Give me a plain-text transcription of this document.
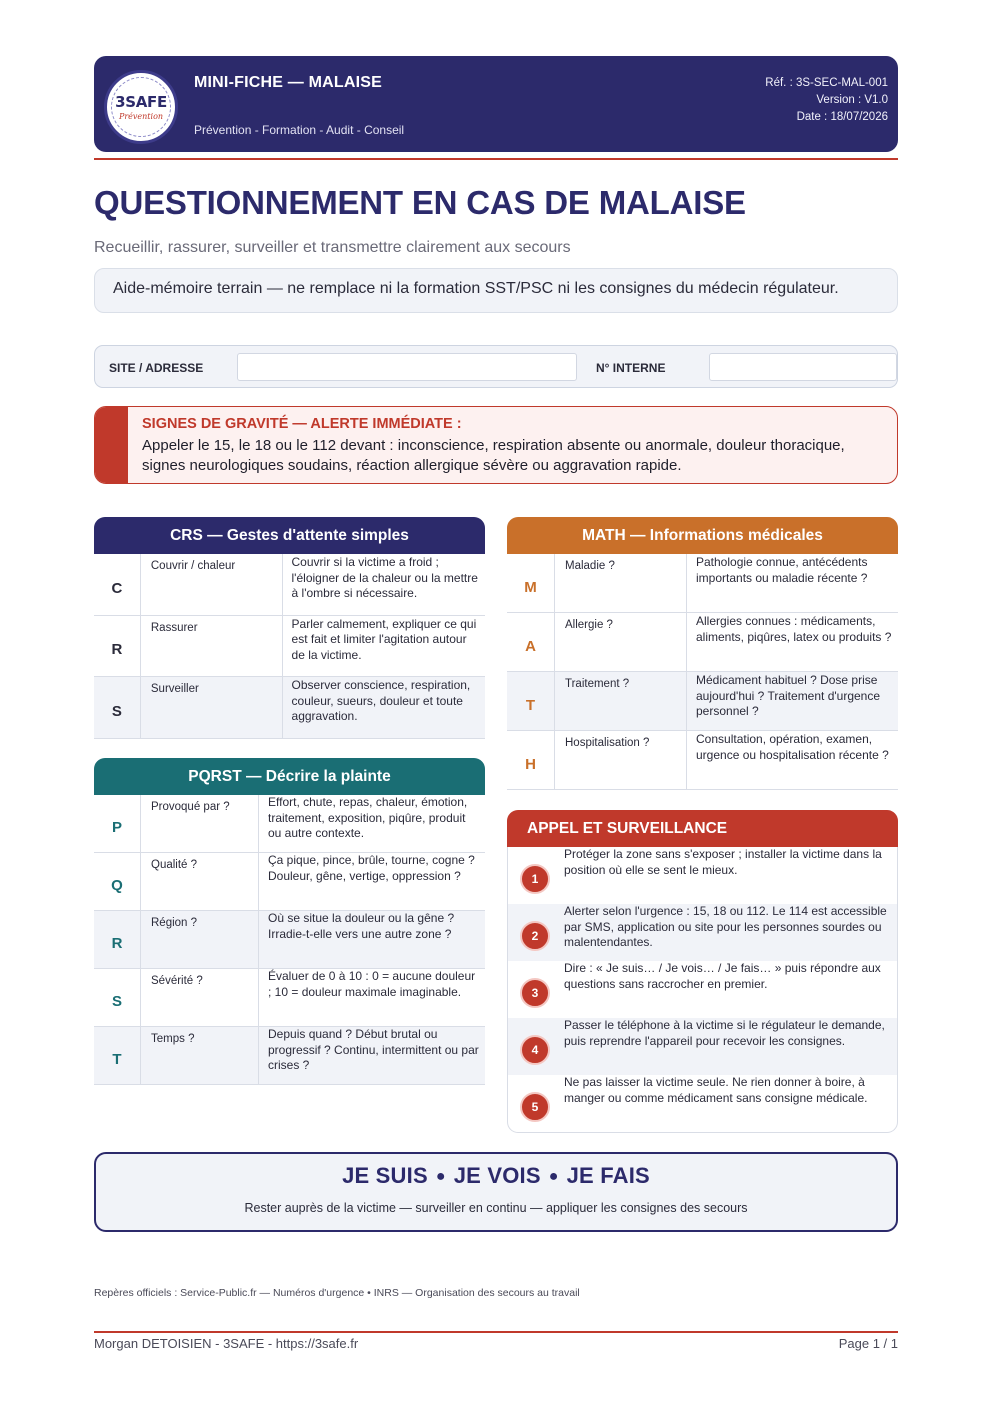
3SAFE
Prévention
MINI-FICHE — MALAISE
Prévention - Formation - Audit - Conseil
Réf. : 3S-SEC-MAL-001
Version : V1.0
Date : 18/07/2026
QUESTIONNEMENT EN CAS DE MALAISE
Recueillir, rassurer, surveiller et transmettre clairement aux secours
Aide-mémoire terrain — ne remplace ni la formation SST/PSC ni les consignes du médecin régulateur.
SITE / ADRESSE	N° INTERNE
SIGNES DE GRAVITÉ — ALERTE IMMÉDIATE :
Appeler le 15, le 18 ou le 112 devant : inconscience, respiration absente ou anormale, douleur thoracique,
signes neurologiques soudains, réaction allergique sévère ou aggravation rapide.
CRS — Gestes d'attente simples
C
Couvrir / chaleur	Couvrir si la victime a froid ; l'éloigner de la chaleur ou la mettre à l'ombre si nécessaire.
R
Rassurer	Parler calmement, expliquer ce qui est fait et limiter l'agitation autour de la victime.
S
Surveiller	Observer conscience, respiration, couleur, sueurs, douleur et toute aggravation.
PQRST — Décrire la plainte
P
Provoqué par ?	Effort, chute, repas, chaleur, émotion, traitement, exposition, piqûre, produit ou autre contexte.
Q
Qualité ?	Ça pique, pince, brûle, tourne, cogne ? Douleur, gêne, vertige, oppression ?
R
Région ?	Où se situe la douleur ou la gêne ? Irradie-t-elle vers une autre zone ?
S
Sévérité ?	Évaluer de 0 à 10 : 0 = aucune douleur ; 10 = douleur maximale imaginable.
T
Temps ?	Depuis quand ? Début brutal ou progressif ? Continu, intermittent ou par crises ?
MATH — Informations médicales
M
Maladie ?	Pathologie connue, antécédents importants ou maladie récente ?
A
Allergie ?	Allergies connues : médicaments, aliments, piqûres, latex ou produits ?
T
Traitement ?	Médicament habituel ? Dose prise aujourd'hui ? Traitement d'urgence personnel ?
H
Hospitalisation ?	Consultation, opération, examen, urgence ou hospitalisation récente ?
APPEL ET SURVEILLANCE
1
Protéger la zone sans s'exposer ; installer la victime dans la position où elle se sent le mieux.
2
Alerter selon l'urgence : 15, 18 ou 112. Le 114 est accessible par SMS, application ou site pour les personnes sourdes ou malentendantes.
3
Dire : « Je suis… / Je vois… / Je fais… » puis répondre aux questions sans raccrocher en premier.
4
Passer le téléphone à la victime si le régulateur le demande, puis reprendre l'appareil pour recevoir les consignes.
5
Ne pas laisser la victime seule. Ne rien donner à boire, à manger ou comme médicament sans consigne médicale.
JE SUIS ● JE VOIS ● JE FAIS
Rester auprès de la victime — surveiller en continu — appliquer les consignes des secours
Repères officiels : Service-Public.fr — Numéros d'urgence • INRS — Organisation des secours au travail
Morgan DETOISIEN - 3SAFE - https://3safe.fr	Page 1 / 1
